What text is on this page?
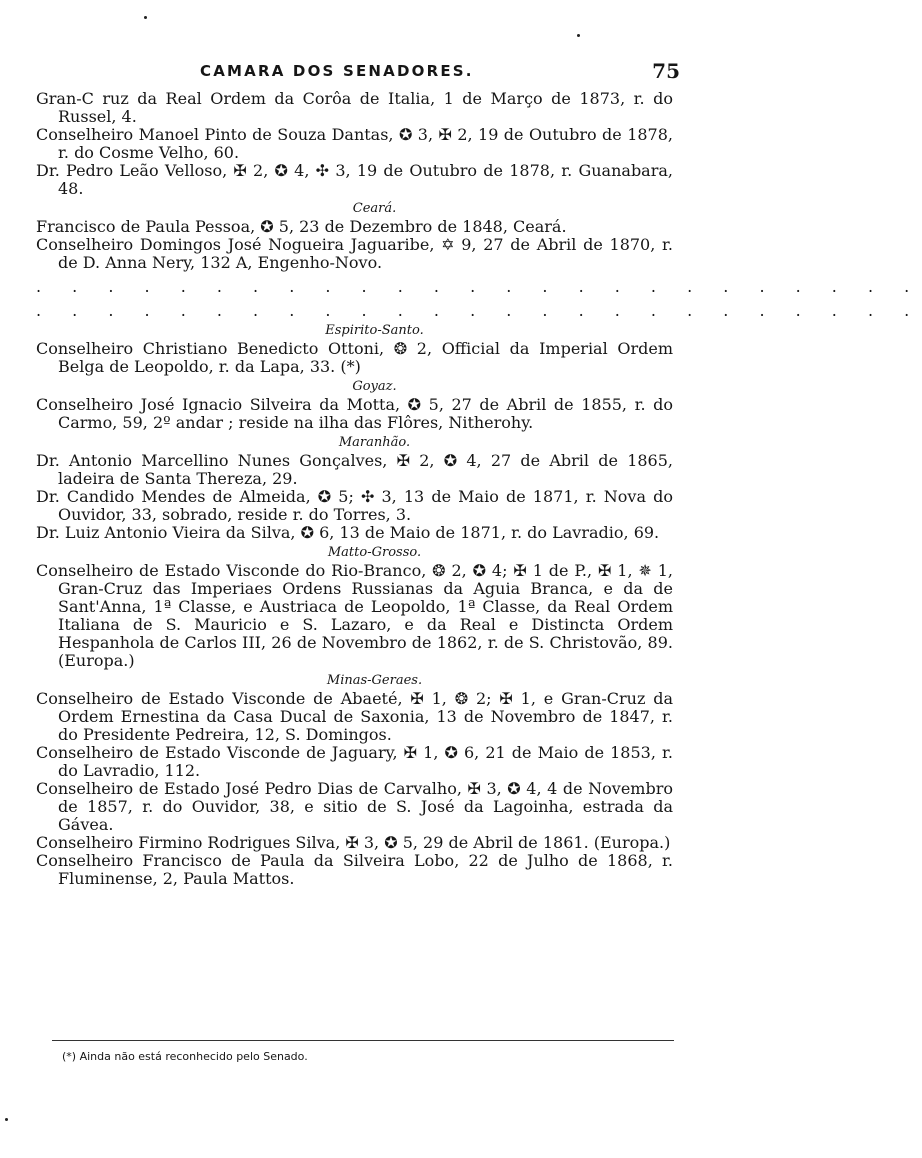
CAMARA DOS SENADORES.	75

Gran-C ruz da Real Ordem da Corôa de Italia, 1 de Março de 1873, r. do Russel, 4.

Conselheiro Manoel Pinto de Souza Dantas, ✪ 3, ✠ 2, 19 de Outubro de 1878, r. do Cosme Velho, 60.

Dr. Pedro Leão Velloso, ✠ 2, ✪ 4, ✣ 3, 19 de Outubro de 1878, r. Guanabara, 48.

Ceará.

Francisco de Paula Pessoa, ✪ 5, 23 de Dezembro de 1848, Ceará.

Conselheiro Domingos José Nogueira Jaguaribe, ✡ 9, 27 de Abril de 1870, r. de D. Anna Nery, 132 A, Engenho-Novo.

. . . . . . . . . . . . . . . . . . . . . . . . .
. . . . . . . . . . . . . . . . . . . . . . . . .
Espirito-Santo.

Conselheiro Christiano Benedicto Ottoni, ❂ 2, Official da Imperial Ordem Belga de Leopoldo, r. da Lapa, 33. (*)

Goyaz.

Conselheiro José Ignacio Silveira da Motta, ✪ 5, 27 de Abril de 1855, r. do Carmo, 59, 2º andar ; reside na ilha das Flôres, Nitherohy.

Maranhão.

Dr. Antonio Marcellino Nunes Gonçalves, ✠ 2, ✪ 4, 27 de Abril de 1865, ladeira de Santa Thereza, 29.

Dr. Candido Mendes de Almeida, ✪ 5; ✣ 3, 13 de Maio de 1871, r. Nova do Ouvidor, 33, sobrado, reside r. do Torres, 3.

Dr. Luiz Antonio Vieira da Silva, ✪ 6, 13 de Maio de 1871, r. do Lavradio, 69.

Matto-Grosso.

Conselheiro de Estado Visconde do Rio-Branco, ❂ 2, ✪ 4; ✠ 1 de P., ✠ 1, ✵ 1, Gran-Cruz das Imperiaes Ordens Russianas da Aguia Branca, e da de Sant'Anna, 1ª Classe, e Austriaca de Leopoldo, 1ª Classe, da Real Ordem Italiana de S. Mauricio e S. Lazaro, e da Real e Distincta Ordem Hespanhola de Carlos III, 26 de Novembro de 1862, r. de S. Christovão, 89. (Europa.)

Minas-Geraes.

Conselheiro de Estado Visconde de Abaeté, ✠ 1, ❂ 2; ✠ 1, e Gran-Cruz da Ordem Ernestina da Casa Ducal de Saxonia, 13 de Novembro de 1847, r. do Presidente Pedreira, 12, S. Domingos.

Conselheiro de Estado Visconde de Jaguary, ✠ 1, ✪ 6, 21 de Maio de 1853, r. do Lavradio, 112.

Conselheiro de Estado José Pedro Dias de Carvalho, ✠ 3, ✪ 4, 4 de Novembro de 1857, r. do Ouvidor, 38, e sitio de S. José da Lagoinha, estrada da Gávea.

Conselheiro Firmino Rodrigues Silva, ✠ 3, ✪ 5, 29 de Abril de 1861. (Europa.)

Conselheiro Francisco de Paula da Silveira Lobo, 22 de Julho de 1868, r. Fluminense, 2, Paula Mattos.

(*) Ainda não está reconhecido pelo Senado.
